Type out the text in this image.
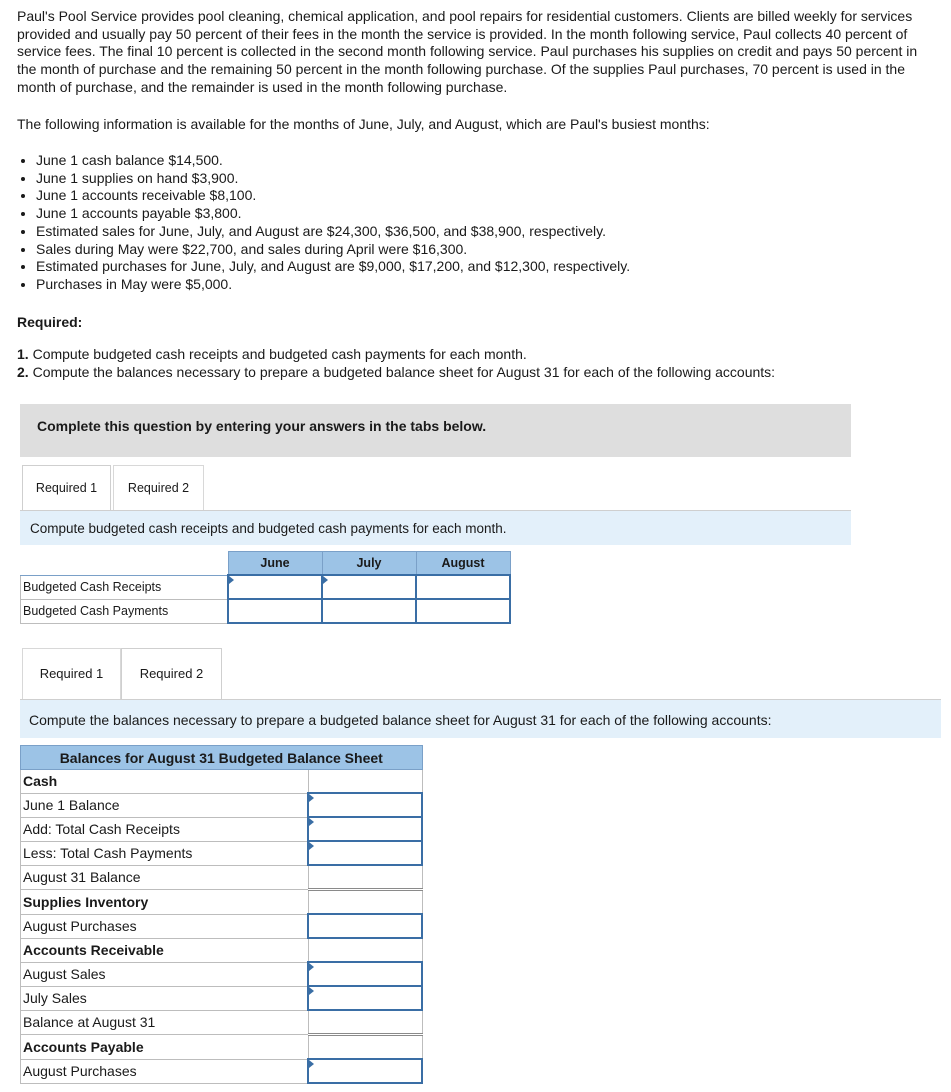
Paul's Pool Service provides pool cleaning, chemical application, and pool repairs for residential customers. Clients are billed weekly for services provided and usually pay 50 percent of their fees in the month the service is provided. In the month following service, Paul collects 40 percent of service fees. The final 10 percent is collected in the second month following service. Paul purchases his supplies on credit and pays 50 percent in the month of purchase and the remaining 50 percent in the month following purchase. Of the supplies Paul purchases, 70 percent is used in the month of purchase, and the remainder is used in the month following purchase.

The following information is available for the months of June, July, and August, which are Paul's busiest months:
• June 1 cash balance $14,500.
• June 1 supplies on hand $3,900.
• June 1 accounts receivable $8,100.
• June 1 accounts payable $3,800.
• Estimated sales for June, July, and August are $24,300, $36,500, and $38,900, respectively.
• Sales during May were $22,700, and sales during April were $16,300.
• Estimated purchases for June, July, and August are $9,000, $17,200, and $12,300, respectively.
• Purchases in May were $5,000.
Required:
1. Compute budgeted cash receipts and budgeted cash payments for each month.
2. Compute the balances necessary to prepare a budgeted balance sheet for August 31 for each of the following accounts:
Complete this question by entering your answers in the tabs below.
Required 1	Required 2
Compute budgeted cash receipts and budgeted cash payments for each month.
	June	July	August
Budgeted Cash Receipts	

Budgeted Cash Payments	

Required 1	Required 2
Compute the balances necessary to prepare a budgeted balance sheet for August 31 for each of the following accounts:
Balances for August 31 Budgeted Balance Sheet	
Cash	
June 1 Balance	

Add: Total Cash Receipts	

Less: Total Cash Payments	

August 31 Balance	
Supplies Inventory	
August Purchases	

Accounts Receivable	
August Sales	

July Sales	

Balance at August 31	
Accounts Payable	
August Purchases	
